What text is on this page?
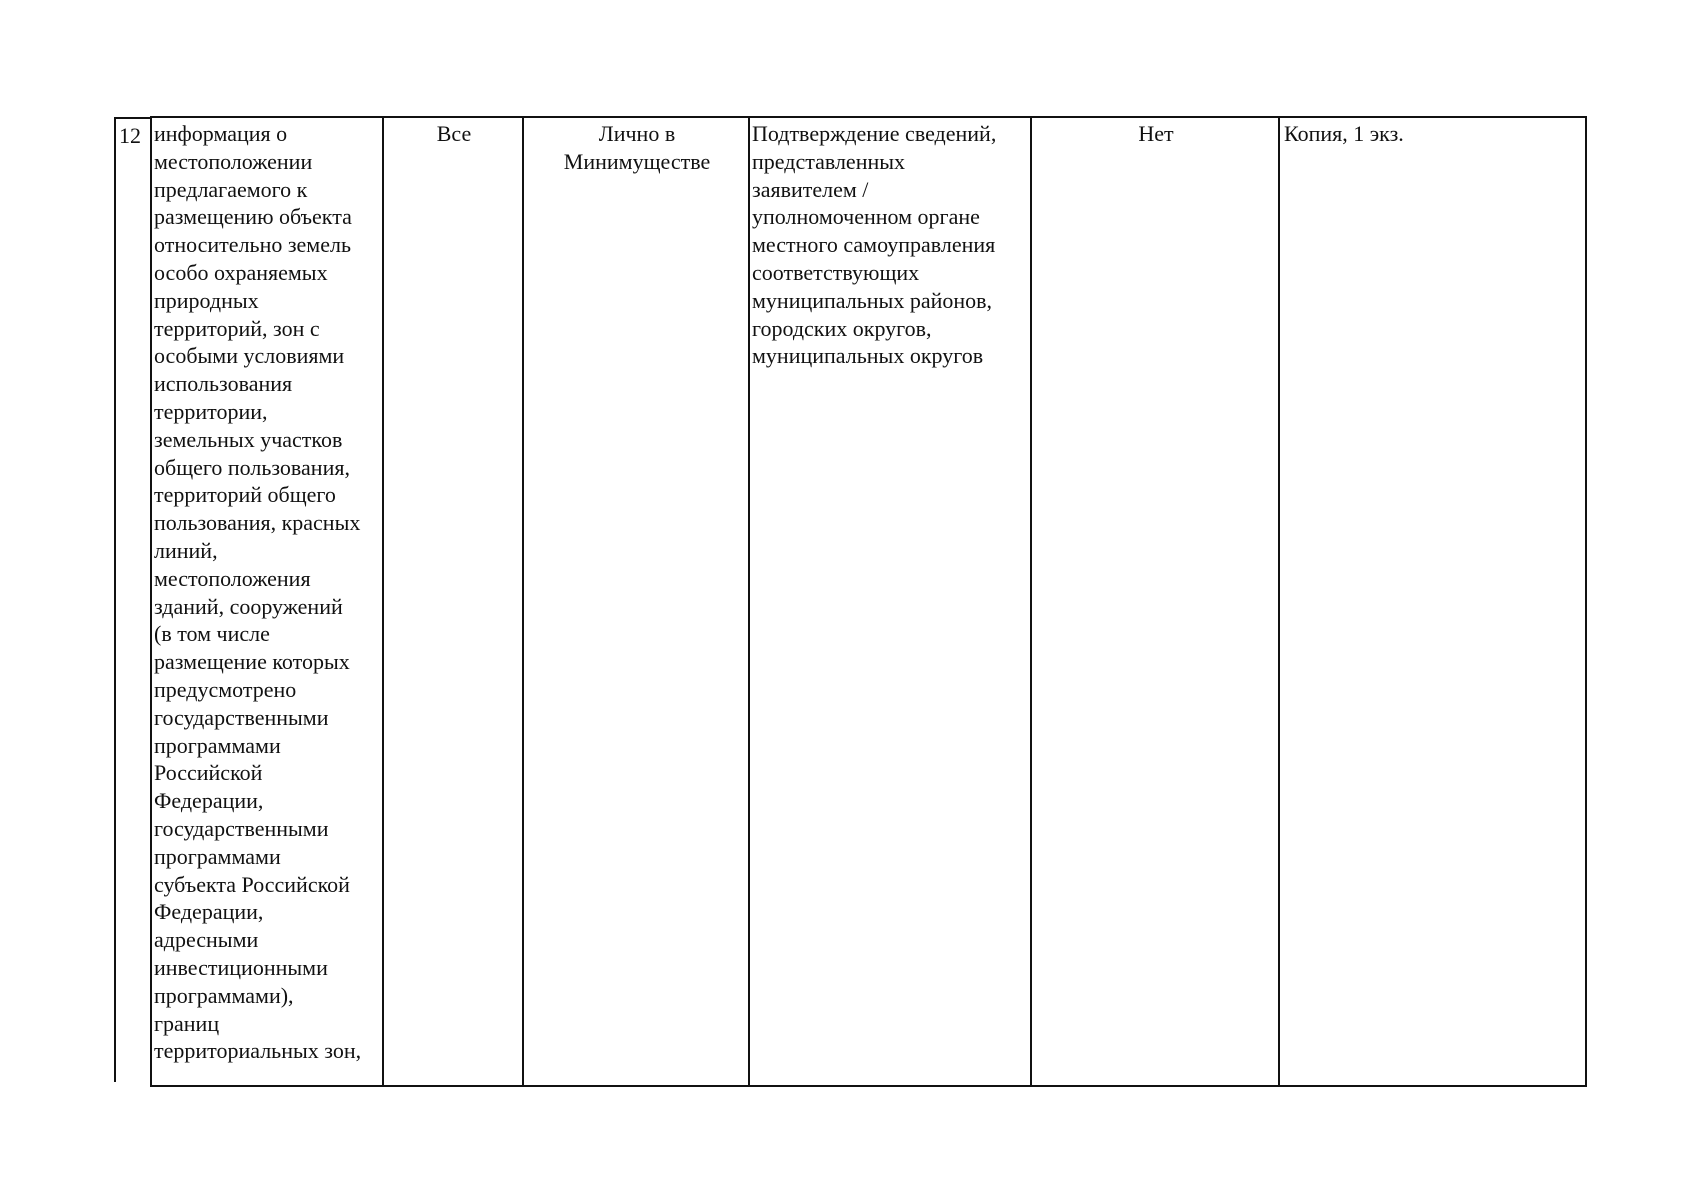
12 информация о
местоположении
предлагаемого к
размещению объекта
относительно земель
особо охраняемых
природных
территорий, зон с
особыми условиями
использования
территории,
земельных участков
общего пользования,
территорий общего
пользования, красных
линий,
местоположения
зданий, сооружений
(в том числе
размещение которых
предусмотрено
государственными
программами
Российской
Федерации,
государственными
программами
субъекта Российской
Федерации,
адресными
инвестиционными
программами),
границ
территориальных зон,
Все	Лично в
Минимуществе
Подтверждение сведений,
представленных
заявителем /
уполномоченном органе
местного самоуправления
соответствующих
муниципальных районов,
городских округов,
муниципальных округов
Нет	Копия, 1 экз.
